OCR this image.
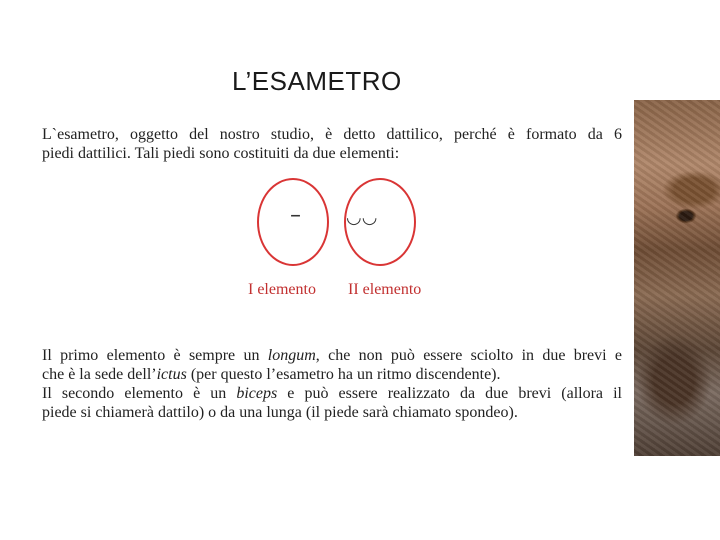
L’ESAMETRO
L`esametro, oggetto del nostro studio, è detto dattilico, perché è formato da 6
piedi dattilici. Tali piedi sono costituiti da due elementi:
–	◡◡
I elemento II elemento
Il primo elemento è sempre un longum, che non può essere sciolto in due brevi e
che è la sede dell’ictus (per questo l’esametro ha un ritmo discendente).
Il secondo elemento è un biceps e può essere realizzato da due brevi (allora il
piede si chiamerà dattilo) o da una lunga (il piede sarà chiamato spondeo).
